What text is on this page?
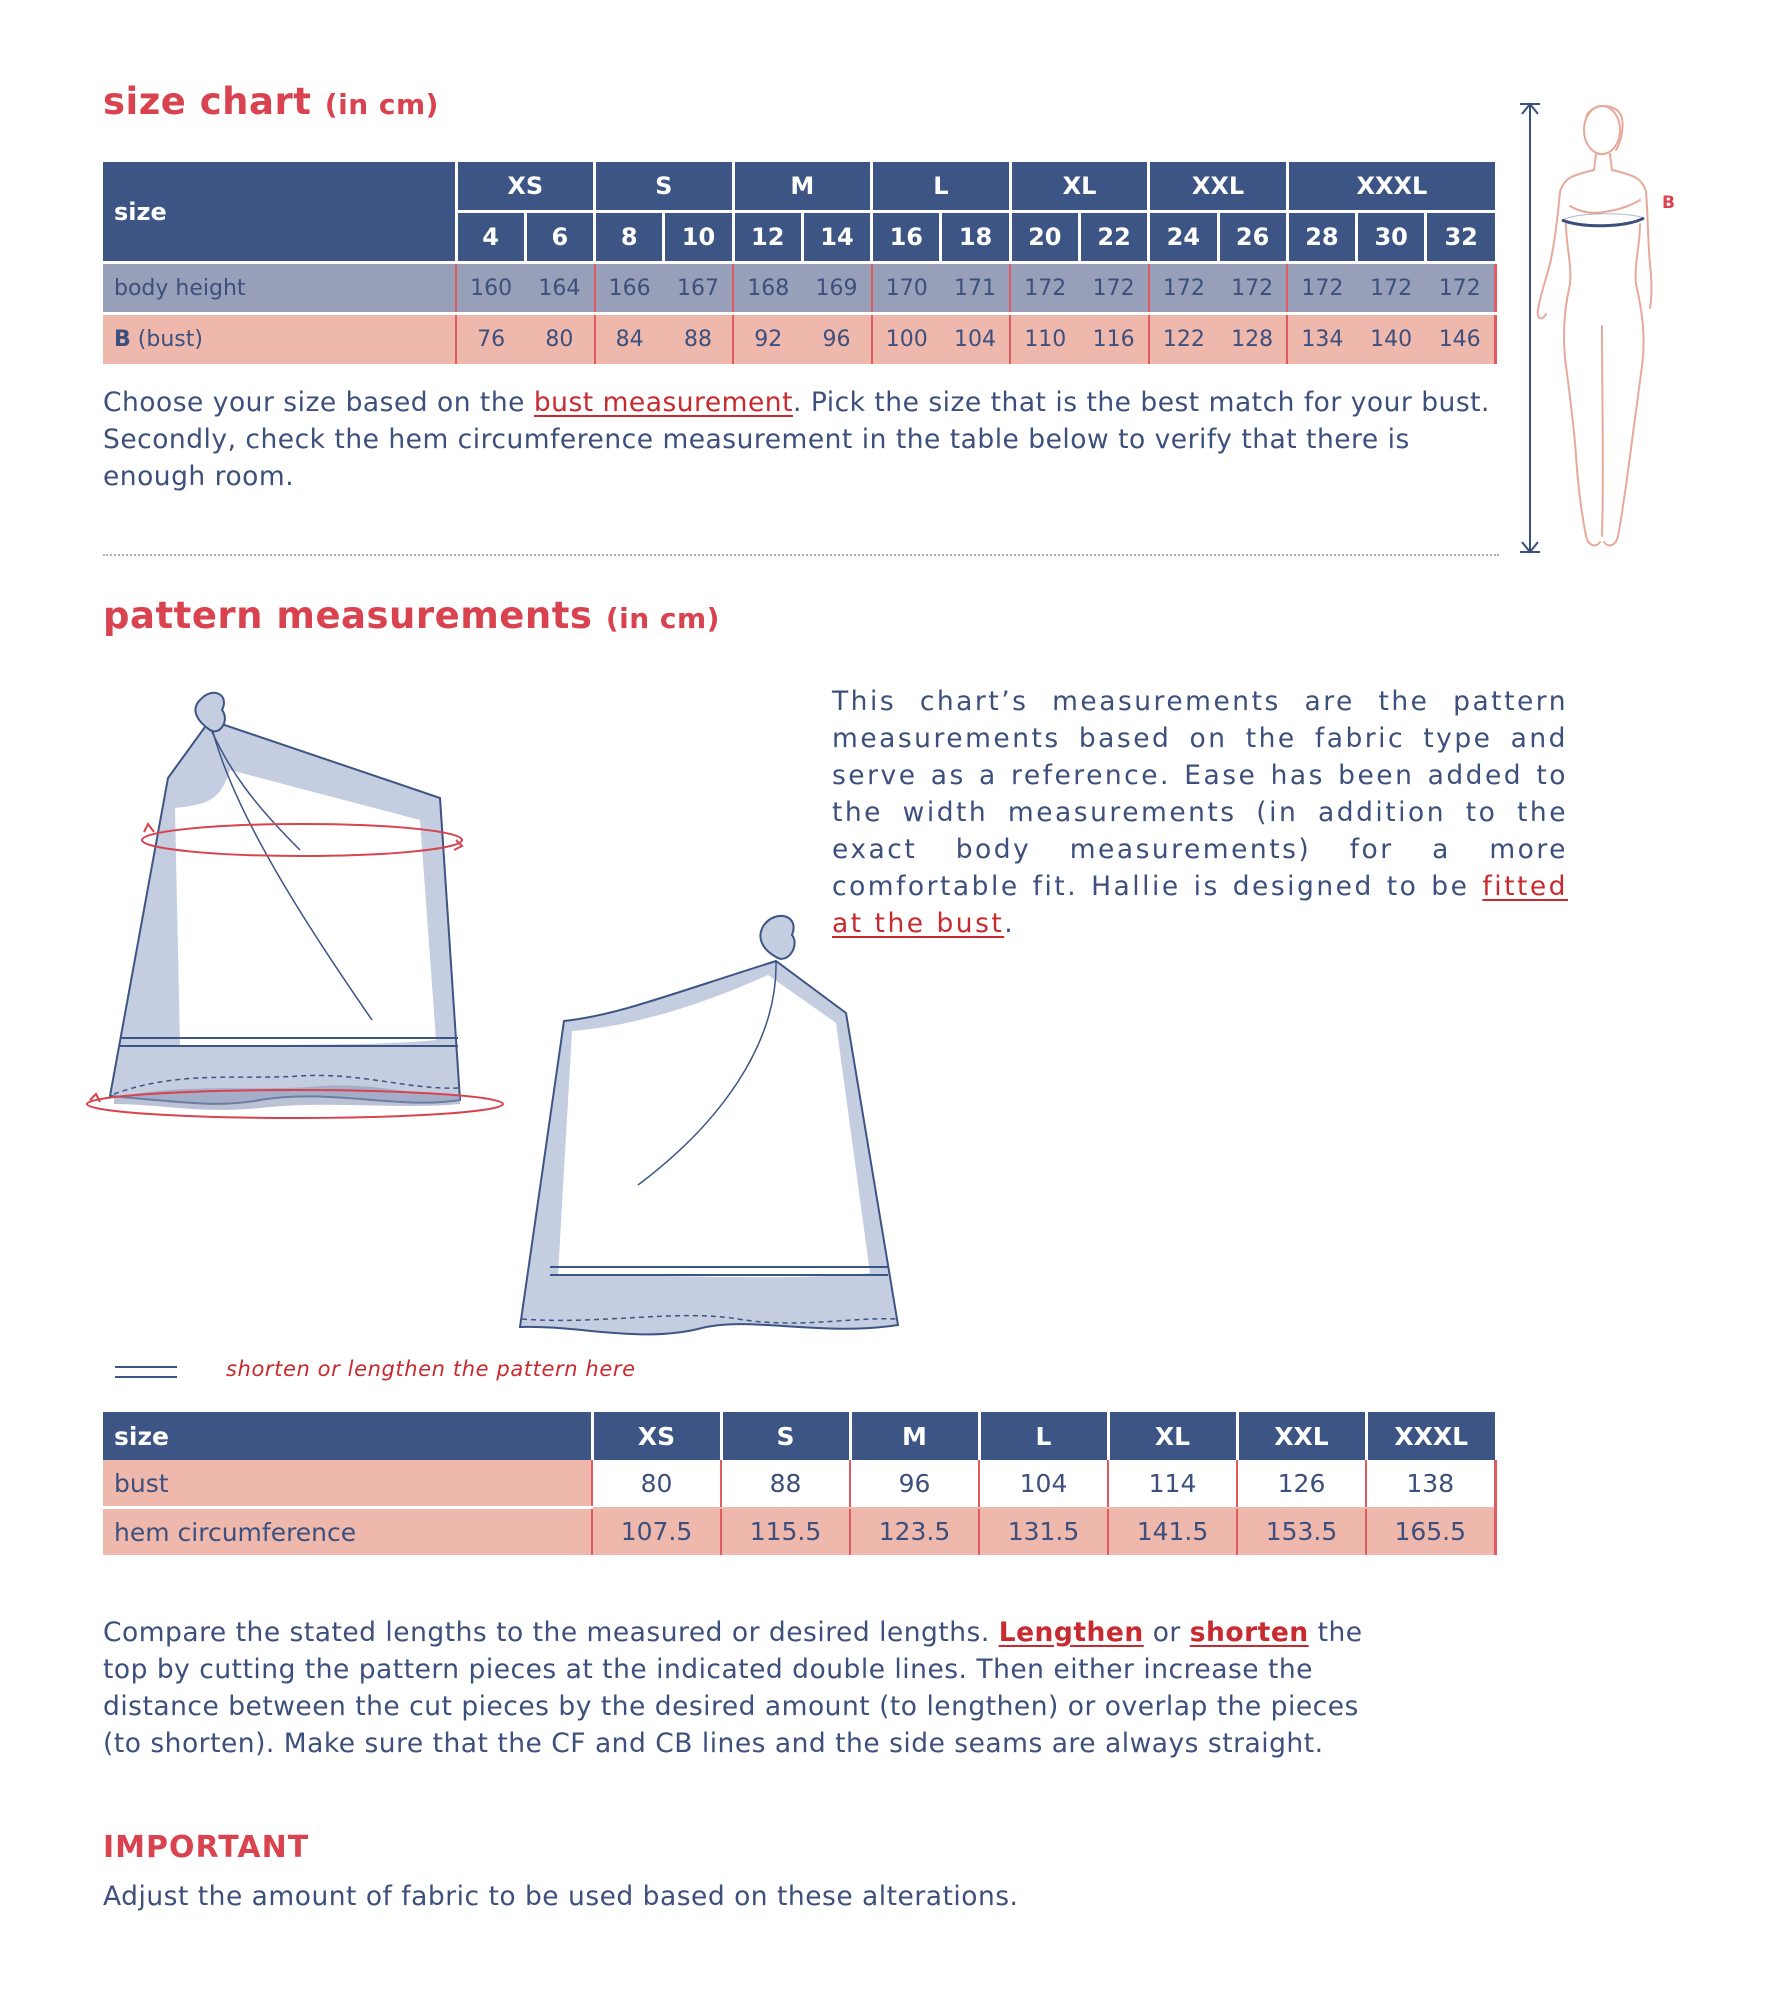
size chart (in cm)
size	XS		S		M		L		XL		XXL		XXXL		
	4	6	8	10	12	14	16	18	20	22	24	26	28	30	32
body height	160	164	166	167	168	169	170	171	172	172	172	172	172	172	172
B (bust)	76	80	84	88	92	96	100	104	110	116	122	128	134	140	146
B

Choose your size based on the bust measurement. Pick the size that is the best match for your bust. Secondly, check the hem circumference measurement in the table below to verify that there is enough room.

pattern measurements (in cm)

This chart’s measurements are the pattern measurements based on the fabric type and serve as a reference. Ease has been added to the width measurements (in addition to the exact body measurements) for a more comfortable fit. Hallie is designed to be fitted at the bust.

shorten or lengthen the pattern here
size	XS	S	M	L	XL	XXL	XXXL
bust	80	88	96	104	114	126	138
hem circumference	107.5	115.5	123.5	131.5	141.5	153.5	165.5

Compare the stated lengths to the measured or desired lengths. Lengthen or shorten the top by cutting the pattern pieces at the indicated double lines. Then either increase the distance between the cut pieces by the desired amount (to lengthen) or overlap the pieces (to shorten). Make sure that the CF and CB lines and the side seams are always straight.

IMPORTANT
Adjust the amount of fabric to be used based on these alterations.
